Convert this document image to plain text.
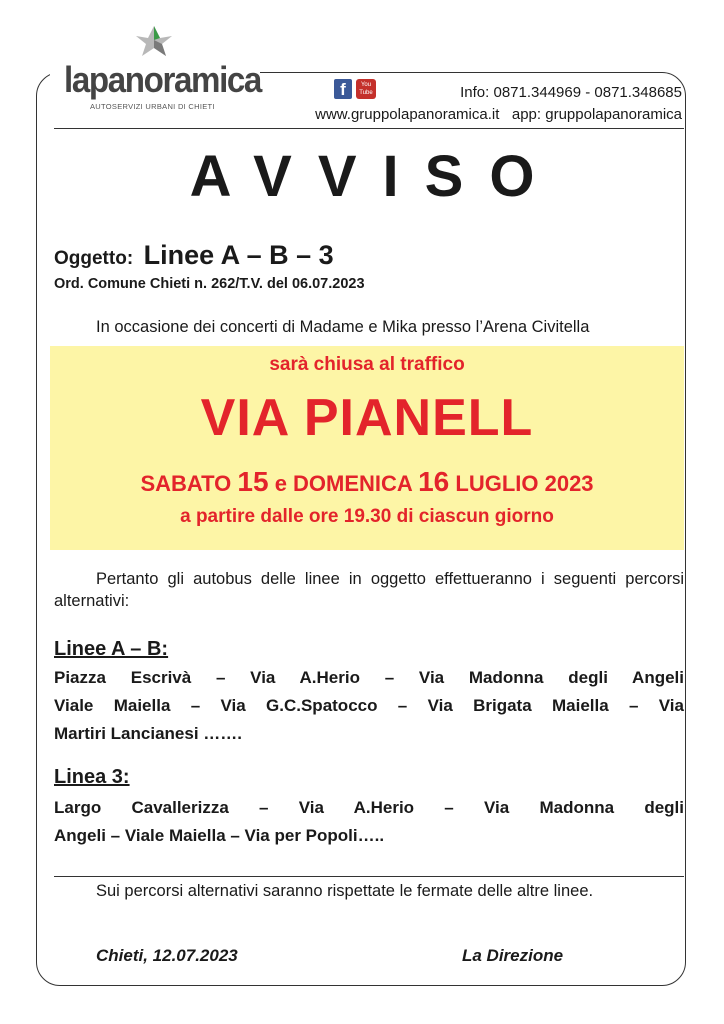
lapanoramica
AUTOSERVIZI URBANI DI CHIETI
f	You
Tube	Info: 0871.344969 - 0871.348685
www.gruppolapanoramica.it   app: gruppolapanoramica
AVVISO
Oggetto: Linee A – B – 3
Ord. Comune Chieti n. 262/T.V. del 06.07.2023
In occasione dei concerti di Madame e Mika presso l’Arena Civitella
sarà chiusa al traffico
VIA PIANELL
SABATO 15 e DOMENICA 16 LUGLIO 2023
a partire dalle ore 19.30 di ciascun giorno
Pertanto gli autobus delle linee in oggetto effettueranno i seguenti percorsi alternativi:
Linee A – B:
Piazza Escrivà – Via A.Herio – Via Madonna degli Angeli
Viale Maiella – Via G.C.Spatocco – Via Brigata Maiella – Via
Martiri Lancianesi …….
Linea 3:
Largo Cavallerizza – Via A.Herio – Via Madonna degli
Angeli – Viale Maiella – Via per Popoli…..
Sui percorsi alternativi saranno rispettate le fermate delle altre linee.
Chieti, 12.07.2023	La Direzione
